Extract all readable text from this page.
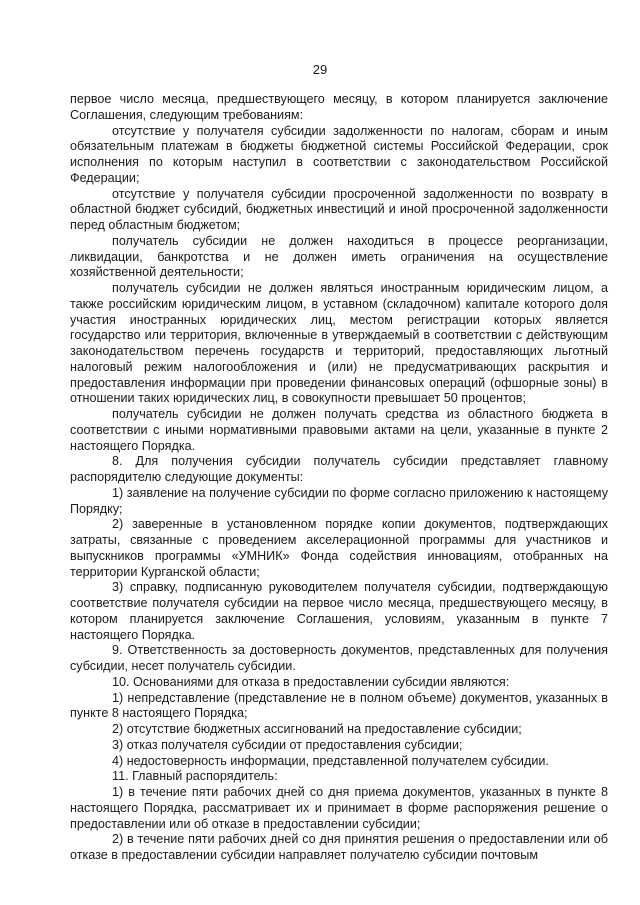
29

первое число месяца, предшествующего месяцу, в котором планируется заключение Соглашения, следующим требованиям:

отсутствие у получателя субсидии задолженности по налогам, сборам и иным обязательным платежам в бюджеты бюджетной системы Российской Федерации, срок исполнения по которым наступил в соответствии с законодательством Российской Федерации;

отсутствие у получателя субсидии просроченной задолженности по возврату в областной бюджет субсидий, бюджетных инвестиций и иной просроченной задолженности перед областным бюджетом;

получатель субсидии не должен находиться в процессе реорганизации, ликвидации, банкротства и не должен иметь ограничения на осуществление хозяйственной деятельности;

получатель субсидии не должен являться иностранным юридическим лицом, а также российским юридическим лицом, в уставном (складочном) капитале которого доля участия иностранных юридических лиц, местом регистрации которых является государство или территория, включенные в утверждаемый в соответствии с действующим законодательством перечень государств и территорий, предоставляющих льготный налоговый режим налогообложения и (или) не предусматривающих раскрытия и предоставления информации при проведении финансовых операций (офшорные зоны) в отношении таких юридических лиц, в совокупности превышает 50 процентов;

получатель субсидии не должен получать средства из областного бюджета в соответствии с иными нормативными правовыми актами на цели, указанные в пункте 2 настоящего Порядка.

8. Для получения субсидии получатель субсидии представляет главному распорядителю следующие документы:

1) заявление на получение субсидии по форме согласно приложению к настоящему Порядку;

2) заверенные в установленном порядке копии документов, подтверждающих затраты, связанные с проведением акселерационной программы для участников и выпускников программы «УМНИК» Фонда содействия инновациям, отобранных на территории Курганской области;

3) справку, подписанную руководителем получателя субсидии, подтверждающую соответствие получателя субсидии на первое число месяца, предшествующего месяцу, в котором планируется заключение Соглашения, условиям, указанным в пункте 7 настоящего Порядка.

9. Ответственность за достоверность документов, представленных для получения субсидии, несет получатель субсидии.

10. Основаниями для отказа в предоставлении субсидии являются:

1) непредставление (представление не в полном объеме) документов, указанных в пункте 8 настоящего Порядка;

2) отсутствие бюджетных ассигнований на предоставление субсидии;

3) отказ получателя субсидии от предоставления субсидии;

4) недостоверность информации, представленной получателем субсидии.

11. Главный распорядитель:

1) в течение пяти рабочих дней со дня приема документов, указанных в пункте 8 настоящего Порядка, рассматривает их и принимает в форме распоряжения решение о предоставлении или об отказе в предоставлении субсидии;

2) в течение пяти рабочих дней со дня принятия решения о предоставлении или об отказе в предоставлении субсидии направляет получателю субсидии почтовым
